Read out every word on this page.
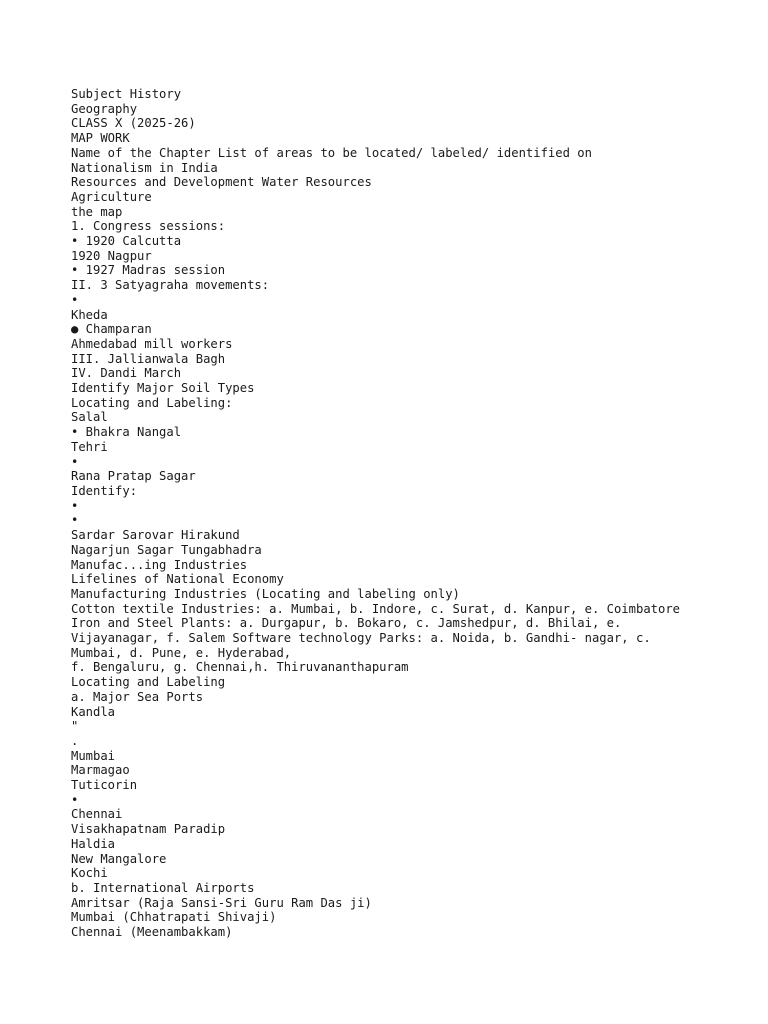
Subject History
Geography
CLASS X (2025-26)
MAP WORK
Name of the Chapter List of areas to be located/ labeled/ identified on
Nationalism in India
Resources and Development Water Resources
Agriculture
the map
1. Congress sessions:
• 1920 Calcutta
1920 Nagpur
• 1927 Madras session
II. 3 Satyagraha movements:
•
Kheda
● Champaran
Ahmedabad mill workers
III. Jallianwala Bagh
IV. Dandi March
Identify Major Soil Types
Locating and Labeling:
Salal
• Bhakra Nangal
Tehri
•
Rana Pratap Sagar
Identify:
•
•
Sardar Sarovar Hirakund
Nagarjun Sagar Tungabhadra
Manufac...ing Industries
Lifelines of National Economy
Manufacturing Industries (Locating and labeling only)
Cotton textile Industries: a. Mumbai, b. Indore, c. Surat, d. Kanpur, e. Coimbatore
Iron and Steel Plants: a. Durgapur, b. Bokaro, c. Jamshedpur, d. Bhilai, e.
Vijayanagar, f. Salem Software technology Parks: a. Noida, b. Gandhi- nagar, c.
Mumbai, d. Pune, e. Hyderabad,
f. Bengaluru, g. Chennai,h. Thiruvananthapuram
Locating and Labeling
a. Major Sea Ports
Kandla
"
.
Mumbai
Marmagao
Tuticorin
•
Chennai
Visakhapatnam Paradip
Haldia
New Mangalore
Kochi
b. International Airports
Amritsar (Raja Sansi-Sri Guru Ram Das ji)
Mumbai (Chhatrapati Shivaji)
Chennai (Meenambakkam)
